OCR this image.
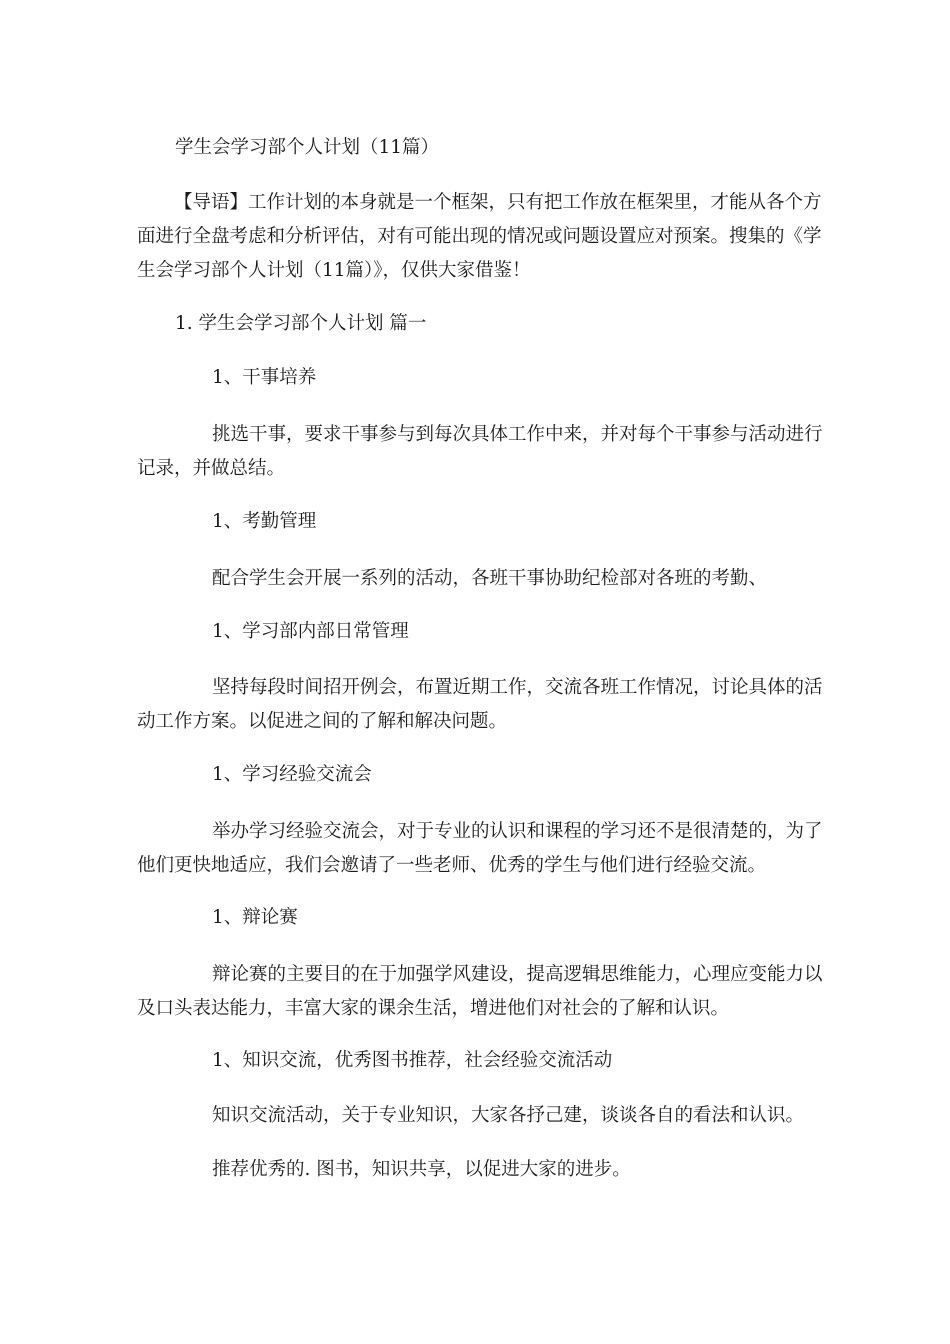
学生会学习部个人计划（11篇）
【导语】工作计划的本身就是一个框架，只有把工作放在框架里，才能从各个方面进行全盘考虑和分析评估，对有可能出现的情况或问题设置应对预案。搜集的《学生会学习部个人计划（11篇）》，仅供大家借鉴！
1. 学生会学习部个人计划 篇一
1、干事培养
挑选干事，要求干事参与到每次具体工作中来，并对每个干事参与活动进行记录，并做总结。
1、考勤管理
配合学生会开展一系列的活动，各班干事协助纪检部对各班的考勤、
1、学习部内部日常管理
坚持每段时间招开例会，布置近期工作，交流各班工作情况，讨论具体的活动工作方案。以促进之间的了解和解决问题。
1、学习经验交流会
举办学习经验交流会，对于专业的认识和课程的学习还不是很清楚的，为了他们更快地适应，我们会邀请了一些老师、优秀的学生与他们进行经验交流。
1、辩论赛
辩论赛的主要目的在于加强学风建设，提高逻辑思维能力，心理应变能力以及口头表达能力，丰富大家的课余生活，增进他们对社会的了解和认识。
1、知识交流，优秀图书推荐，社会经验交流活动
知识交流活动，关于专业知识，大家各抒己建，谈谈各自的看法和认识。
推荐优秀的. 图书，知识共享，以促进大家的进步。
